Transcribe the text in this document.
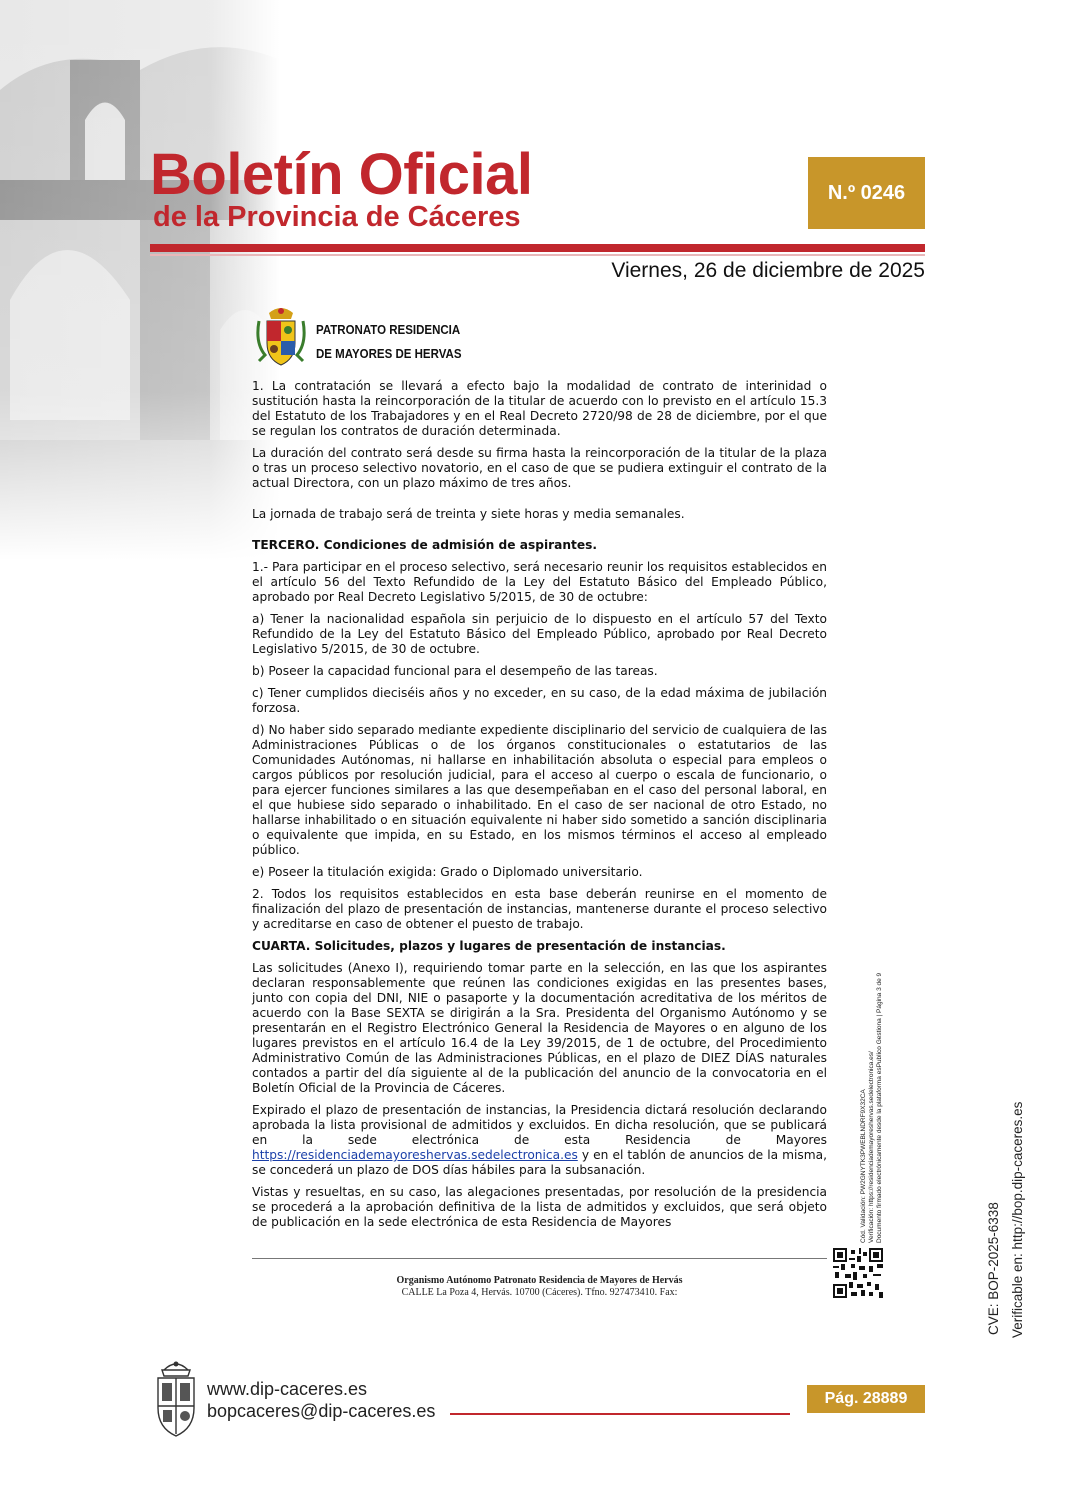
Boletín Oficial
de la Provincia de Cáceres
N.º 0246
Viernes, 26 de diciembre de 2025
PATRONATO RESIDENCIA
DE MAYORES DE HERVAS

1. La contratación se llevará a efecto bajo la modalidad de contrato de interinidad o sustitución hasta la reincorporación de la titular de acuerdo con lo previsto en el artículo 15.3 del Estatuto de los Trabajadores y en el Real Decreto 2720/98 de 28 de diciembre, por el que se regulan los contratos de duración determinada.

La duración del contrato será desde su firma hasta la reincorporación de la titular de la plaza o tras un proceso selectivo novatorio, en el caso de que se pudiera extinguir el contrato de la actual Directora, con un plazo máximo de tres años.

La jornada de trabajo será de treinta y siete horas y media semanales.

TERCERO. Condiciones de admisión de aspirantes.

1.- Para participar en el proceso selectivo, será necesario reunir los requisitos establecidos en el artículo 56 del Texto Refundido de la Ley del Estatuto Básico del Empleado Público, aprobado por Real Decreto Legislativo 5/2015, de 30 de octubre:

a) Tener la nacionalidad española sin perjuicio de lo dispuesto en el artículo 57 del Texto Refundido de la Ley del Estatuto Básico del Empleado Público, aprobado por Real Decreto Legislativo 5/2015, de 30 de octubre.

b) Poseer la capacidad funcional para el desempeño de las tareas.

c) Tener cumplidos dieciséis años y no exceder, en su caso, de la edad máxima de jubilación forzosa.

d) No haber sido separado mediante expediente disciplinario del servicio de cualquiera de las Administraciones Públicas o de los órganos constitucionales o estatutarios de las Comunidades Autónomas, ni hallarse en inhabilitación absoluta o especial para empleos o cargos públicos por resolución judicial, para el acceso al cuerpo o escala de funcionario, o para ejercer funciones similares a las que desempeñaban en el caso del personal laboral, en el que hubiese sido separado o inhabilitado. En el caso de ser nacional de otro Estado, no hallarse inhabilitado o en situación equivalente ni haber sido sometido a sanción disciplinaria o equivalente que impida, en su Estado, en los mismos términos el acceso al empleado público.

e) Poseer la titulación exigida: Grado o Diplomado universitario.

2. Todos los requisitos establecidos en esta base deberán reunirse en el momento de finalización del plazo de presentación de instancias, mantenerse durante el proceso selectivo y acreditarse en caso de obtener el puesto de trabajo.

CUARTA. Solicitudes, plazos y lugares de presentación de instancias.

Las solicitudes (Anexo I), requiriendo tomar parte en la selección, en las que los aspirantes declaran responsablemente que reúnen las condiciones exigidas en las presentes bases, junto con copia del DNI, NIE o pasaporte y la documentación acreditativa de los méritos de acuerdo con la Base SEXTA se dirigirán a la Sra. Presidenta del Organismo Autónomo y se presentarán en el Registro Electrónico General la Residencia de Mayores o en alguno de los lugares previstos en el artículo 16.4 de la Ley 39/2015, de 1 de octubre, del Procedimiento Administrativo Común de las Administraciones Públicas, en el plazo de DIEZ DÍAS naturales contados a partir del día siguiente al de la publicación del anuncio de la convocatoria en el Boletín Oficial de la Provincia de Cáceres.

Expirado el plazo de presentación de instancias, la Presidencia dictará resolución declarando aprobada la lista provisional de admitidos y excluidos. En dicha resolución, que se publicará en la sede electrónica de esta Residencia de Mayores https://residenciademayoreshervas.sedelectronica.es y en el tablón de anuncios de la misma, se concederá un plazo de DOS días hábiles para la subsanación.

Vistas y resueltas, en su caso, las alegaciones presentadas, por resolución de la presidencia se procederá a la aprobación definitiva de la lista de admitidos y excluidos, que será objeto de publicación en la sede electrónica de esta Residencia de Mayores

Organismo Autónomo Patronato Residencia de Mayores de Hervás
CALLE La Poza 4, Hervás. 10700 (Cáceres). Tfno. 927473410. Fax:
Cód. Validación: PW2GNYTK3PWEBLNDRF9X32CA Verificación: https://residenciademayoreshervas.sedelectronica.es/ Documento firmado electrónicamente desde la plataforma esPublico Gestiona | Página 3 de 9
CVE: BOP-2025-6338 Verificable en: http://bop.dip-caceres.es
www.dip-caceres.es
bopcaceres@dip-caceres.es
Pág. 28889
